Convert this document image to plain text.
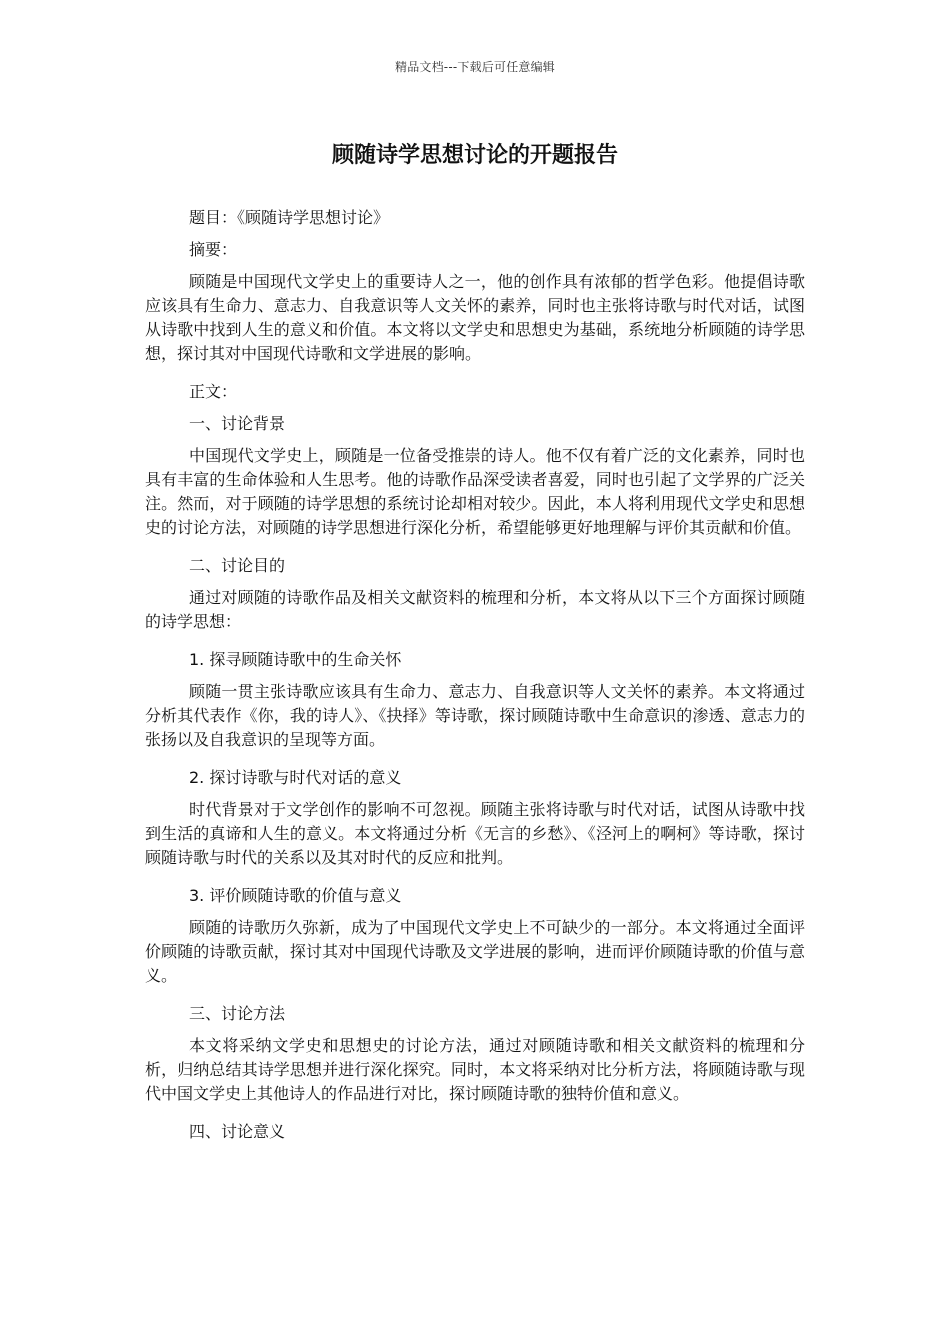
精品文档---下载后可任意编辑
顾随诗学思想讨论的开题报告

题目：《顾随诗学思想讨论》

摘要：

顾随是中国现代文学史上的重要诗人之一，他的创作具有浓郁的哲学色彩。他提倡诗歌应该具有生命力、意志力、自我意识等人文关怀的素养，同时也主张将诗歌与时代对话，试图从诗歌中找到人生的意义和价值。本文将以文学史和思想史为基础，系统地分析顾随的诗学思想，探讨其对中国现代诗歌和文学进展的影响。

正文：

一、讨论背景

中国现代文学史上，顾随是一位备受推崇的诗人。他不仅有着广泛的文化素养，同时也具有丰富的生命体验和人生思考。他的诗歌作品深受读者喜爱，同时也引起了文学界的广泛关注。然而，对于顾随的诗学思想的系统讨论却相对较少。因此，本人将利用现代文学史和思想史的讨论方法，对顾随的诗学思想进行深化分析，希望能够更好地理解与评价其贡献和价值。

二、讨论目的

通过对顾随的诗歌作品及相关文献资料的梳理和分析，本文将从以下三个方面探讨顾随的诗学思想：

1. 探寻顾随诗歌中的生命关怀

顾随一贯主张诗歌应该具有生命力、意志力、自我意识等人文关怀的素养。本文将通过分析其代表作《你，我的诗人》、《抉择》等诗歌，探讨顾随诗歌中生命意识的渗透、意志力的张扬以及自我意识的呈现等方面。

2. 探讨诗歌与时代对话的意义

时代背景对于文学创作的影响不可忽视。顾随主张将诗歌与时代对话，试图从诗歌中找到生活的真谛和人生的意义。本文将通过分析《无言的乡愁》、《泾河上的啊柯》等诗歌，探讨顾随诗歌与时代的关系以及其对时代的反应和批判。

3. 评价顾随诗歌的价值与意义

顾随的诗歌历久弥新，成为了中国现代文学史上不可缺少的一部分。本文将通过全面评价顾随的诗歌贡献，探讨其对中国现代诗歌及文学进展的影响，进而评价顾随诗歌的价值与意义。

三、讨论方法

本文将采纳文学史和思想史的讨论方法，通过对顾随诗歌和相关文献资料的梳理和分析，归纳总结其诗学思想并进行深化探究。同时，本文将采纳对比分析方法，将顾随诗歌与现代中国文学史上其他诗人的作品进行对比，探讨顾随诗歌的独特价值和意义。

四、讨论意义
